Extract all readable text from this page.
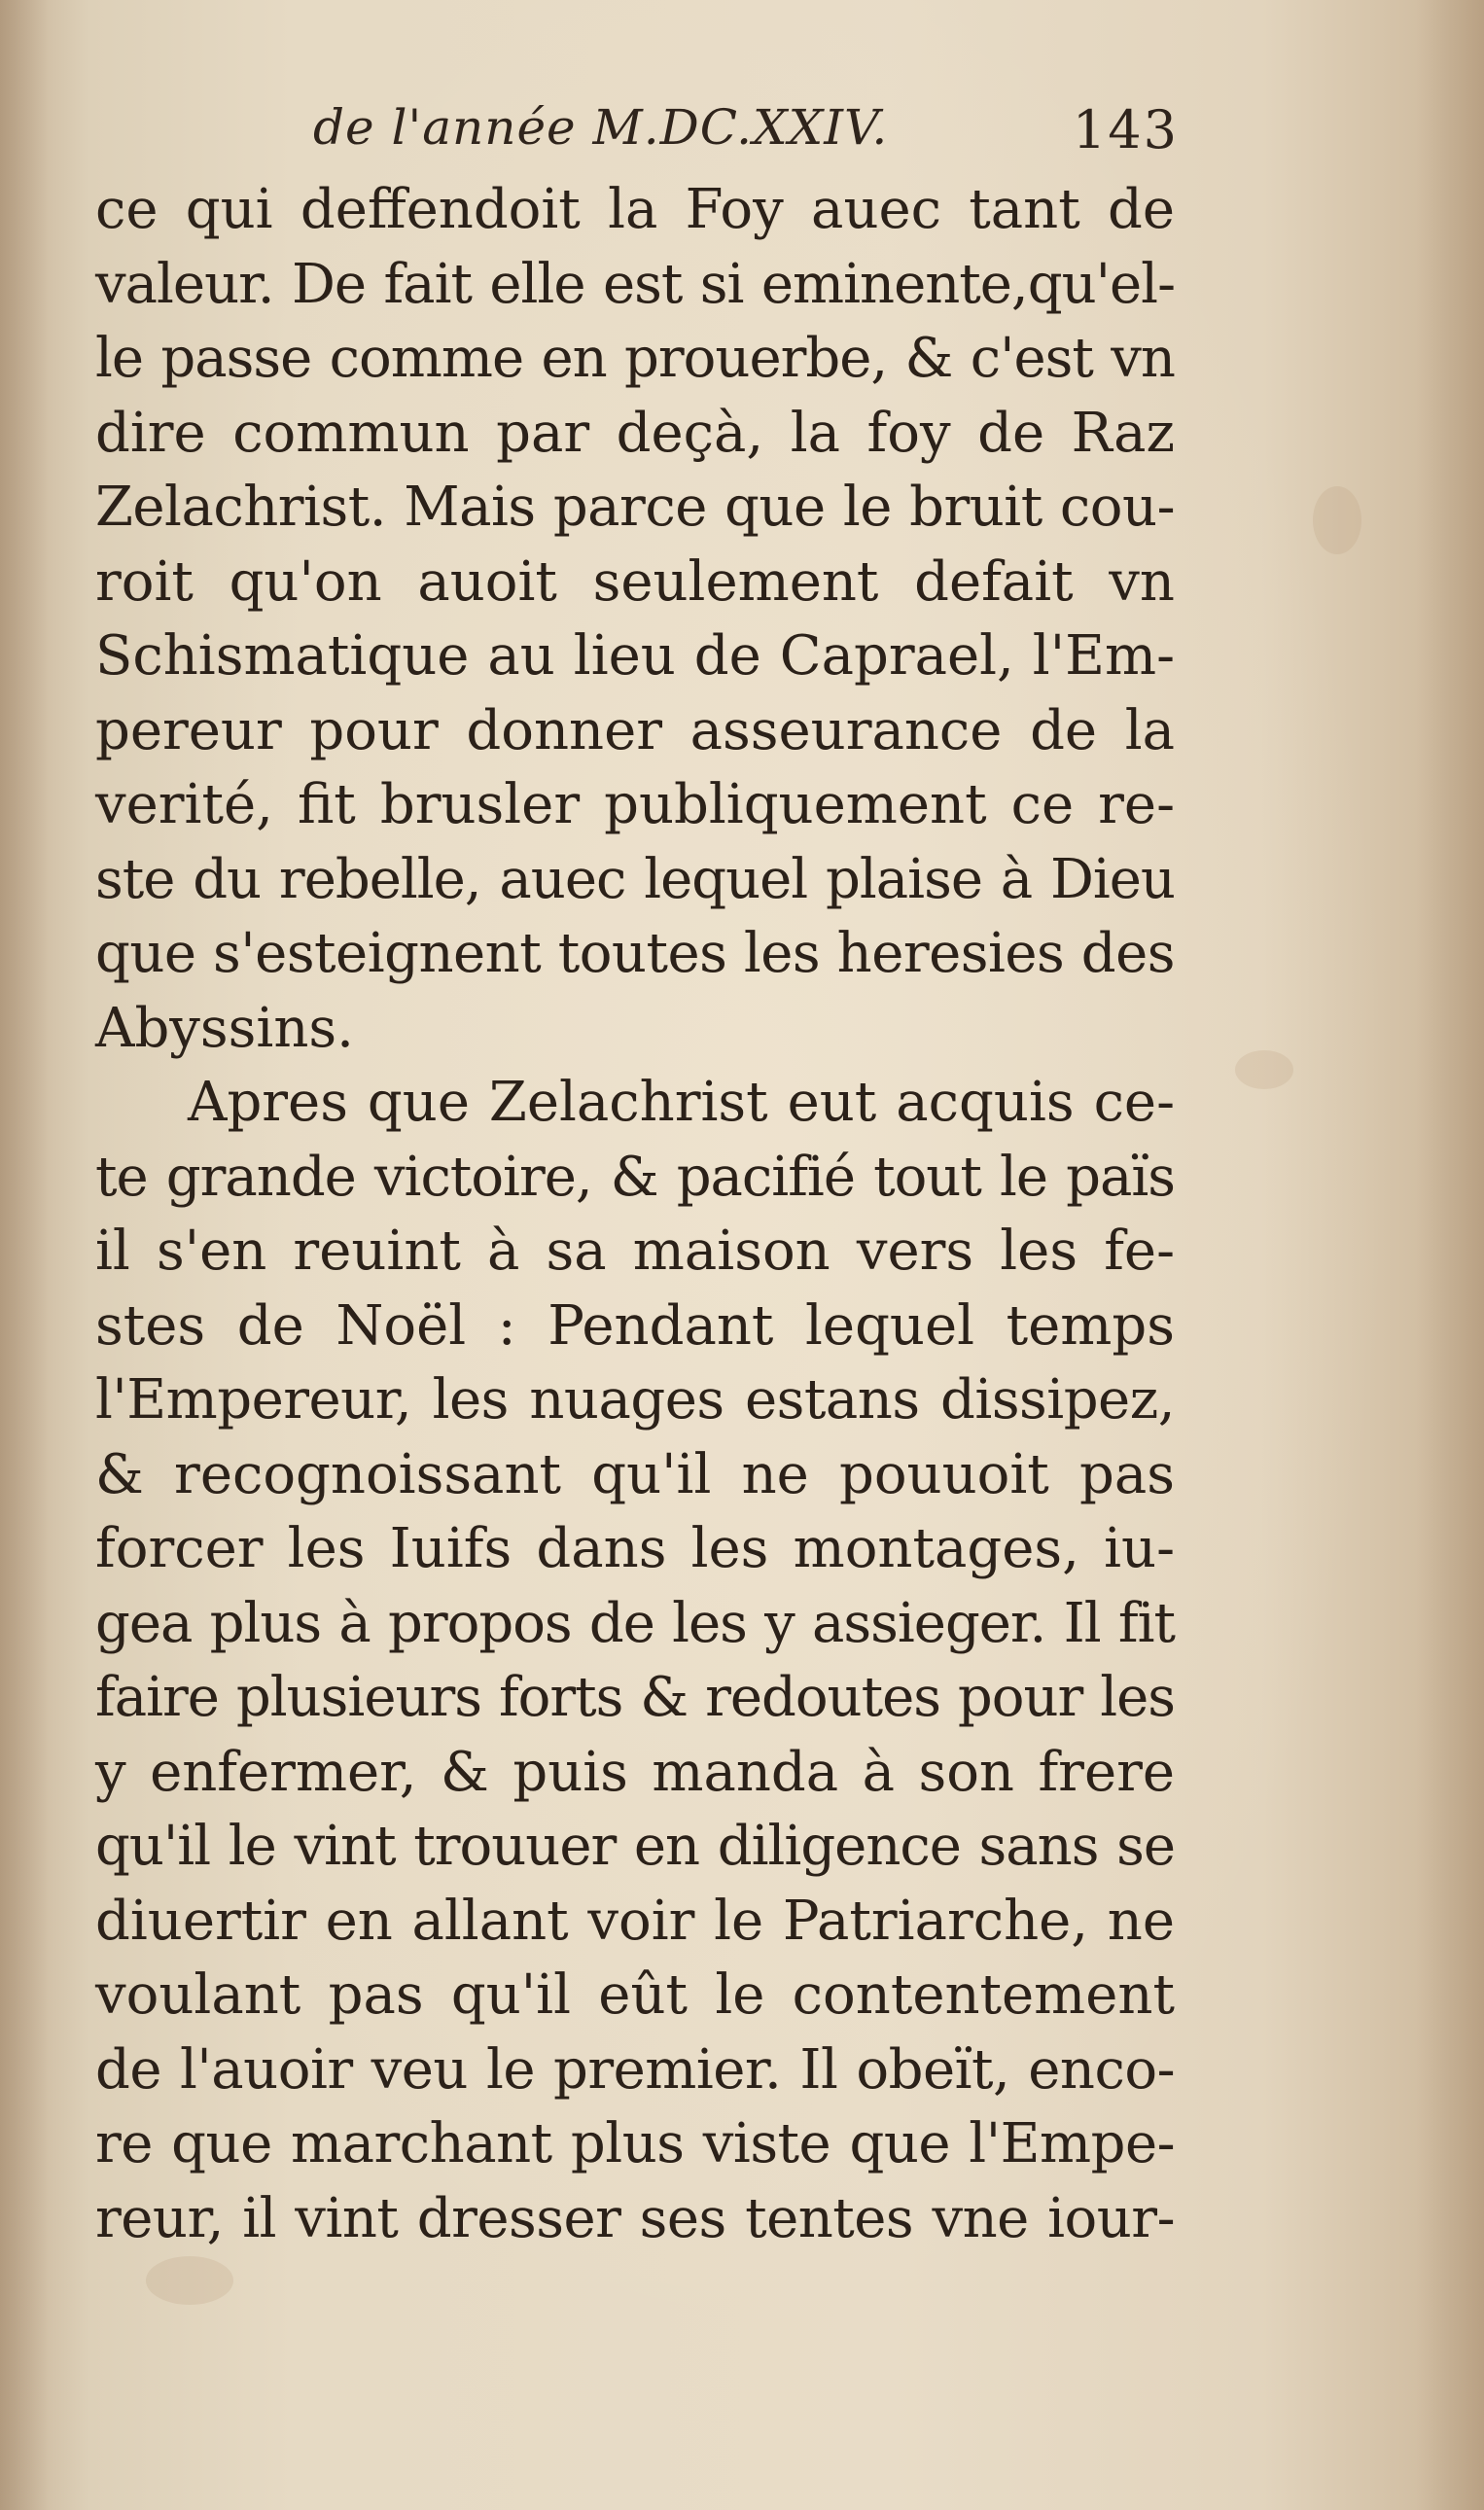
de l'année M.DC.XXIV.	143
ce qui deffendoit la Foy auec tant de
valeur. De fait elle est si eminente,qu'el-
le passe comme en prouerbe, & c'est vn
dire commun par deçà, la foy de Raz
Zelachrist. Mais parce que le bruit cou-
roit qu'on auoit seulement defait vn
Schismatique au lieu de Caprael, l'Em-
pereur pour donner asseurance de la
verité, fit brusler publiquement ce re-
ste du rebelle, auec lequel plaise à Dieu
que s'esteignent toutes les heresies des
Abyssins.
Apres que Zelachrist eut acquis ce-
te grande victoire, & pacifié tout le païs
il s'en reuint à sa maison vers les fe-
stes de Noël : Pendant lequel temps
l'Empereur, les nuages estans dissipez,
& recognoissant qu'il ne pouuoit pas
forcer les Iuifs dans les montages, iu-
gea plus à propos de les y assieger. Il fit
faire plusieurs forts & redoutes pour les
y enfermer, & puis manda à son frere
qu'il le vint trouuer en diligence sans se
diuertir en allant voir le Patriarche, ne
voulant pas qu'il eût le contentement
de l'auoir veu le premier. Il obeït, enco-
re que marchant plus viste que l'Empe-
reur, il vint dresser ses tentes vne iour-
